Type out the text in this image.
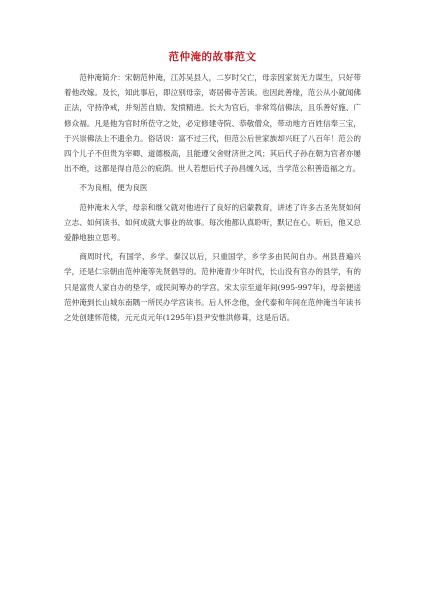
范仲淹的故事范文

范仲淹简介：宋朝范仲淹，江苏吴县人，二岁时父亡，母亲因家贫无力谋生，只好带着他改嫁。及长，知此事后，即泣别母亲，寄居佛寺苦读。也因此善缘，范公从小就闻佛正法，守持净戒，并刻苦自励、发愤精进。长大为官后，非常笃信佛法，且乐善好施、广修众福。凡是他为官时所莅守之处，必定修建寺院、恭敬僧众，带动地方百姓信奉三宝，于兴崇佛法上不遗余力。俗话说：富不过三代，但范公后世家族却兴旺了八百年！范公的四个儿子不但贵为宰卿、道德极高，且能遵父舍财济世之风；其后代子孙在朝为官者亦屡出不绝，这都是得自范公的庇荫。世人若想后代子孙昌缠久远，当学范公积善造福之方。

不为良相，便为良医

范仲淹未入学，母亲和继父就对他进行了良好的启蒙教育，讲述了许多古圣先贤如何立志、如何读书、如何成就大事业的故事。每次他都认真聆听，默记在心。听后，他又总爱静地独立思考。

商周时代，有国学、乡学。秦汉以后，只重国学，乡学多由民间自办。州县普遍兴学，还是仁宗朝由范仲淹等先贤倡导的。范仲淹青少年时代，长山没有官办的县学，有的只是富贵人家自办的垫学，或民间筹办的学宫。宋太宗至道年间(995-997年)，母亲便送范仲淹到长山城东南隅一所民办学宫读书。后人怀念他，金代泰和年间在范仲淹当年读书之处创建怀范楼，元元贞元年(1295年)县尹安惟洪修葺，这是后话。
